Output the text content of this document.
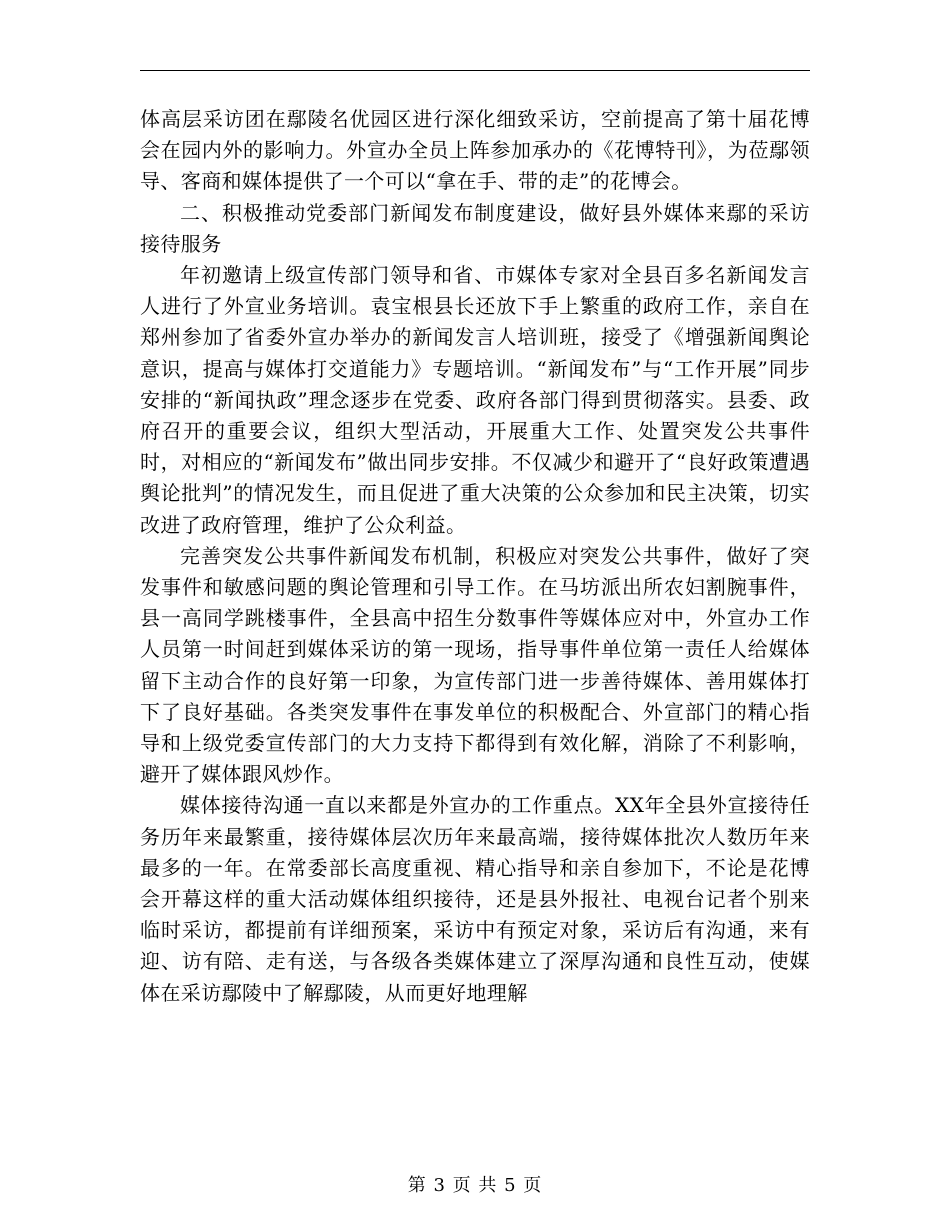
体高层采访团在鄢陵名优园区进行深化细致采访，空前提高了第十届花博会在园内外的影响力。外宣办全员上阵参加承办的《花博特刊》，为莅鄢领导、客商和媒体提供了一个可以“拿在手、带的走”的花博会。

二、积极推动党委部门新闻发布制度建设，做好县外媒体来鄢的采访接待服务

年初邀请上级宣传部门领导和省、市媒体专家对全县百多名新闻发言人进行了外宣业务培训。袁宝根县长还放下手上繁重的政府工作，亲自在郑州参加了省委外宣办举办的新闻发言人培训班，接受了《增强新闻舆论意识，提高与媒体打交道能力》专题培训。“新闻发布”与“工作开展”同步安排的“新闻执政”理念逐步在党委、政府各部门得到贯彻落实。县委、政府召开的重要会议，组织大型活动，开展重大工作、处置突发公共事件时，对相应的“新闻发布”做出同步安排。不仅减少和避开了“良好政策遭遇舆论批判”的情况发生，而且促进了重大决策的公众参加和民主决策，切实改进了政府管理，维护了公众利益。

完善突发公共事件新闻发布机制，积极应对突发公共事件，做好了突发事件和敏感问题的舆论管理和引导工作。在马坊派出所农妇割腕事件，县一高同学跳楼事件，全县高中招生分数事件等媒体应对中，外宣办工作人员第一时间赶到媒体采访的第一现场，指导事件单位第一责任人给媒体留下主动合作的良好第一印象，为宣传部门进一步善待媒体、善用媒体打下了良好基础。各类突发事件在事发单位的积极配合、外宣部门的精心指导和上级党委宣传部门的大力支持下都得到有效化解，消除了不利影响，避开了媒体跟风炒作。

媒体接待沟通一直以来都是外宣办的工作重点。XX年全县外宣接待任务历年来最繁重，接待媒体层次历年来最高端，接待媒体批次人数历年来最多的一年。在常委部长高度重视、精心指导和亲自参加下，不论是花博会开幕这样的重大活动媒体组织接待，还是县外报社、电视台记者个别来临时采访，都提前有详细预案，采访中有预定对象，采访后有沟通，来有迎、访有陪、走有送，与各级各类媒体建立了深厚沟通和良性互动，使媒体在采访鄢陵中了解鄢陵，从而更好地理解

第 3 页 共 5 页
